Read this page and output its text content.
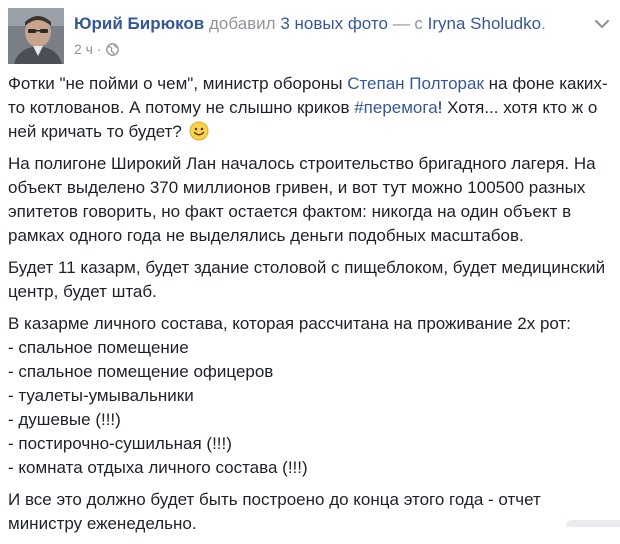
Юрий Бирюков добавил 3 новых фото — с Iryna Sholudko.
2 ч ·

Фотки "не пойми о чем", министр обороны Степан Полторак на фоне каких-то котлованов. А потому не слышно криков #перемога! Хотя... хотя кто ж о ней кричать то будет?

На полигоне Широкий Лан началось строительство бригадного лагеря. На объект выделено 370 миллионов гривен, и вот тут можно 100500 разных эпитетов говорить, но факт остается фактом: никогда на один объект в рамках одного года не выделялись деньги подобных масштабов.

Будет 11 казарм, будет здание столовой с пищеблоком, будет медицинский центр, будет штаб.

В казарме личного состава, которая рассчитана на проживание 2х рот:
- спальное помещение
- спальное помещение офицеров
- туалеты-умывальники
- душевые (!!!)
- постирочно-сушильная (!!!)
- комната отдыха личного состава (!!!)

И все это должно будет быть построено до конца этого года - отчет министру еженедельно.
